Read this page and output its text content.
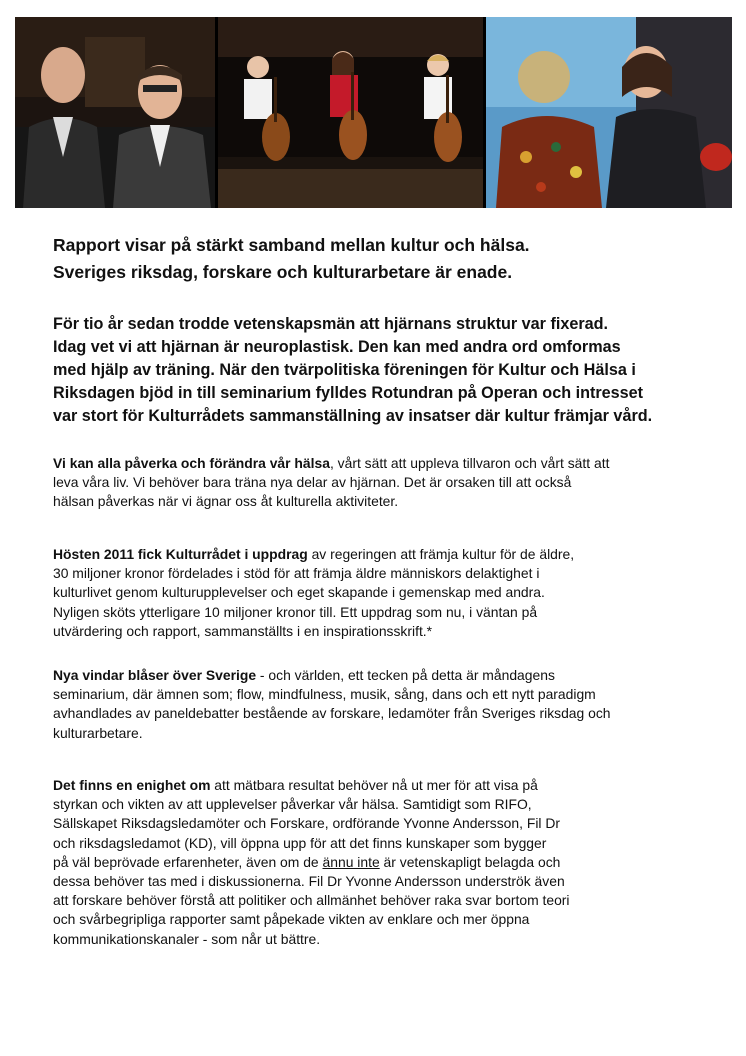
Rapport visar på stärkt samband mellan kultur och hälsa.
Sveriges riksdag, forskare och kulturarbetare är enade.

För tio år sedan trodde vetenskapsmän att hjärnans struktur var fixerad.
Idag vet vi att hjärnan är neuroplastisk. Den kan med andra ord omformas
med hjälp av träning. När den tvärpolitiska föreningen för Kultur och Hälsa i
Riksdagen bjöd in till seminarium fylldes Rotundran på Operan och intresset
var stort för Kulturrådets sammanställning av insatser där kultur främjar vård.

Vi kan alla påverka och förändra vår hälsa, vårt sätt att uppleva tillvaron och vårt sätt att
leva våra liv. Vi behöver bara träna nya delar av hjärnan. Det är orsaken till att också
hälsan påverkas när vi ägnar oss åt kulturella aktiviteter.

Hösten 2011 fick Kulturrådet i uppdrag av regeringen att främja kultur för de äldre,
30 miljoner kronor fördelades i stöd för att främja äldre människors delaktighet i
kulturlivet genom kulturupplevelser och eget skapande i gemenskap med andra.
Nyligen sköts ytterligare 10 miljoner kronor till. Ett uppdrag som nu, i väntan på
utvärdering och rapport, sammanställts i en inspirationsskrift.*

Nya vindar blåser över Sverige - och världen, ett tecken på detta är måndagens
seminarium, där ämnen som; flow, mindfulness, musik, sång, dans och ett nytt paradigm
avhandlades av paneldebatter bestående av forskare, ledamöter från Sveriges riksdag och
kulturarbetare.

Det finns en enighet om att mätbara resultat behöver nå ut mer för att visa på
styrkan och vikten av att upplevelser påverkar vår hälsa. Samtidigt som RIFO,
Sällskapet Riksdagsledamöter och Forskare, ordförande Yvonne Andersson, Fil Dr
och riksdagsledamot (KD), vill öppna upp för att det finns kunskaper som bygger
på väl beprövade erfarenheter, även om de ännu inte är vetenskapligt belagda och
dessa behöver tas med i diskussionerna. Fil Dr Yvonne Andersson underströk även
att forskare behöver förstå att politiker och allmänhet behöver raka svar bortom teori
och svårbegripliga rapporter samt påpekade vikten av enklare och mer öppna
kommunikationskanaler - som når ut bättre.
